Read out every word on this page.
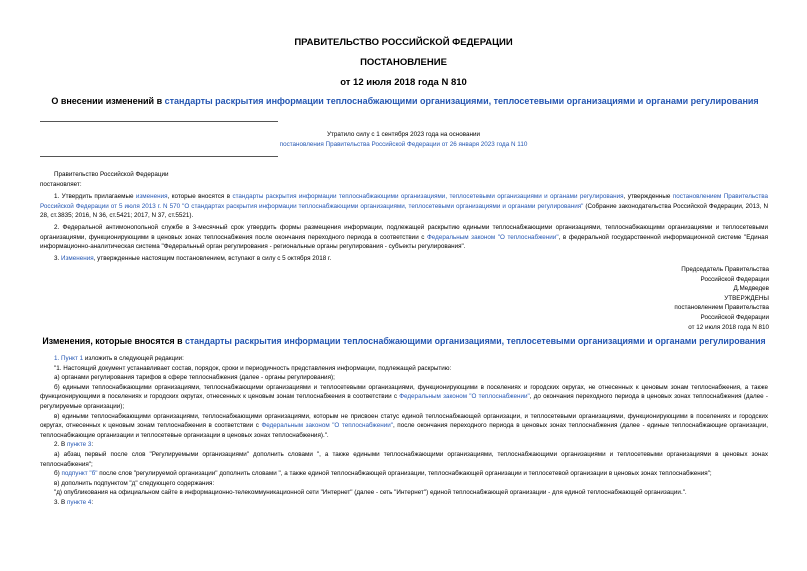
ПРАВИТЕЛЬСТВО РОССИЙСКОЙ ФЕДЕРАЦИИ
ПОСТАНОВЛЕНИЕ
от 12 июля 2018 года N 810
О внесении изменений в стандарты раскрытия информации теплоснабжающими организациями, теплосетевыми организациями и органами регулирования
Утратило силу с 1 сентября 2023 года на основании
постановления Правительства Российской Федерации от 26 января 2023 года N 110
Правительство Российской Федерации
постановляет:
1. Утвердить прилагаемые изменения, которые вносятся в стандарты раскрытия информации теплоснабжающими организациями, теплосетевыми организациями и органами регулирования, утвержденные постановлением Правительства Российской Федерации от 5 июля 2013 г. N 570 "О стандартах раскрытия информации теплоснабжающими организациями, теплосетевыми организациями и органами регулирования" (Собрание законодательства Российской Федерации, 2013, N 28, ст.3835; 2016, N 36, ст.5421; 2017, N 37, ст.5521).
2. Федеральной антимонопольной службе в 3-месячный срок утвердить формы размещения информации, подлежащей раскрытию едиными теплоснабжающими организациями, теплоснабжающими организациями и теплосетевыми организациями, функционирующими в ценовых зонах теплоснабжения после окончания переходного периода в соответствии с Федеральным законом "О теплоснабжении", в федеральной государственной информационной системе "Единая информационно-аналитическая система "Федеральный орган регулирования - региональные органы регулирования - субъекты регулирования".
3. Изменения, утвержденные настоящим постановлением, вступают в силу с 5 октября 2018 г.
Председатель Правительства
Российской Федерации
Д.Медведев
УТВЕРЖДЕНЫ
постановлением Правительства
Российской Федерации
от 12 июля 2018 года N 810
Изменения, которые вносятся в стандарты раскрытия информации теплоснабжающими организациями, теплосетевыми организациями и органами регулирования
1. Пункт 1 изложить в следующей редакции:
"1. Настоящий документ устанавливает состав, порядок, сроки и периодичность представления информации, подлежащей раскрытию:
а) органами регулирования тарифов в сфере теплоснабжения (далее - органы регулирования);
б) едиными теплоснабжающими организациями, теплоснабжающими организациями и теплосетевыми организациями, функционирующими в поселениях и городских округах, не отнесенных к ценовым зонам теплоснабжения, а также функционирующими в поселениях и городских округах, отнесенных к ценовым зонам теплоснабжения в соответствии с Федеральным законом "О теплоснабжении", до окончания переходного периода в ценовых зонах теплоснабжения (далее - регулируемые организации);
в) едиными теплоснабжающими организациями, теплоснабжающими организациями, которым не присвоен статус единой теплоснабжающей организации, и теплосетевыми организациями, функционирующими в поселениях и городских округах, отнесенных к ценовым зонам теплоснабжения в соответствии с Федеральным законом "О теплоснабжении", после окончания переходного периода в ценовых зонах теплоснабжения (далее - единые теплоснабжающие организации, теплоснабжающие организации и теплосетевые организации в ценовых зонах теплоснабжения).".
2. В пункте 3:
а) абзац первый после слов "Регулируемыми организациями" дополнить словами ", а также едиными теплоснабжающими организациями, теплоснабжающими организациями и теплосетевыми организациями в ценовых зонах теплоснабжения";
б) подпункт "б" после слов "регулируемой организации" дополнить словами ", а также единой теплоснабжающей организации, теплоснабжающей организации и теплосетевой организации в ценовых зонах теплоснабжения";
в) дополнить подпунктом "д" следующего содержания:
"д) опубликования на официальном сайте в информационно-телекоммуникационной сети "Интернет" (далее - сеть "Интернет") единой теплоснабжающей организации - для единой теплоснабжающей организации.".
3. В пункте 4:
